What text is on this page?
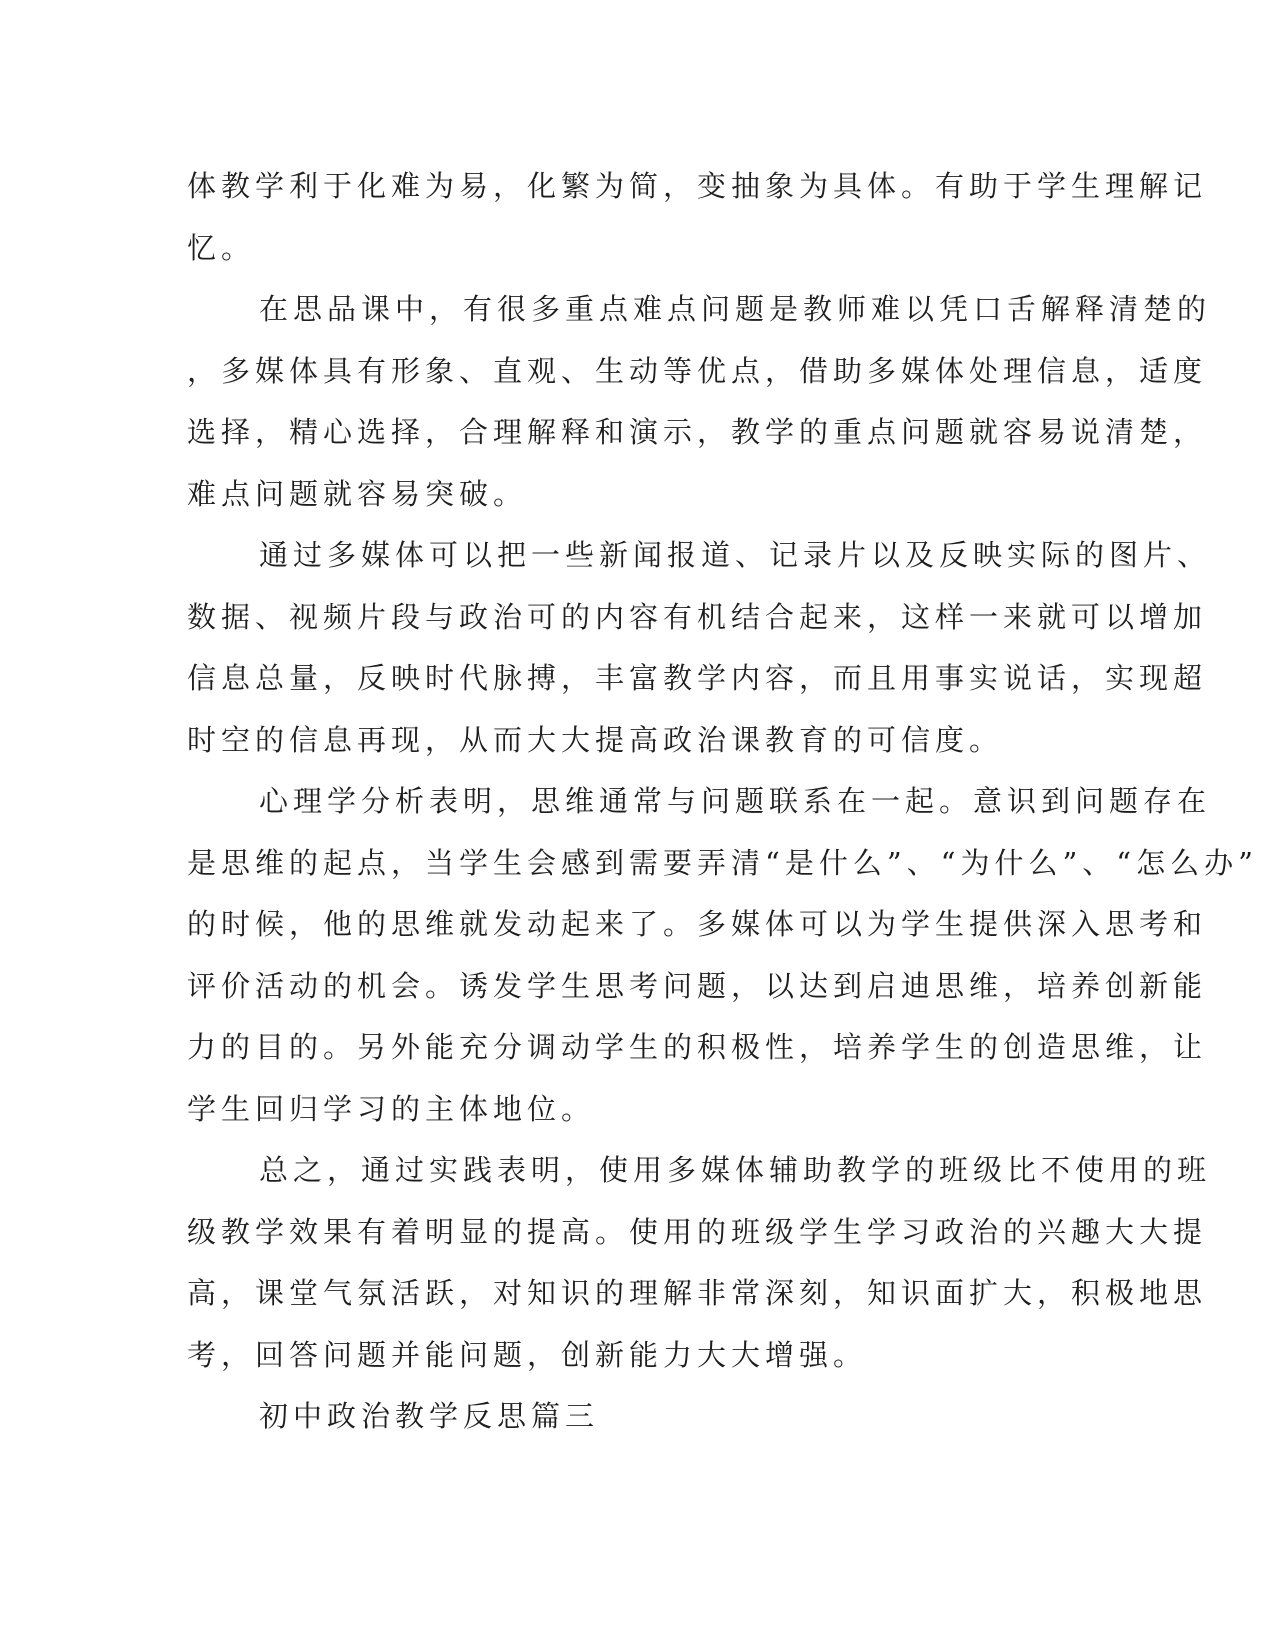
体教学利于化难为易，化繁为简，变抽象为具体。有助于学生理解记
忆。
在思品课中，有很多重点难点问题是教师难以凭口舌解释清楚的
，多媒体具有形象、直观、生动等优点，借助多媒体处理信息，适度
选择，精心选择，合理解释和演示，教学的重点问题就容易说清楚，
难点问题就容易突破。
通过多媒体可以把一些新闻报道、记录片以及反映实际的图片、
数据、视频片段与政治可的内容有机结合起来，这样一来就可以增加
信息总量，反映时代脉搏，丰富教学内容，而且用事实说话，实现超
时空的信息再现，从而大大提高政治课教育的可信度。
心理学分析表明，思维通常与问题联系在一起。意识到问题存在
是思维的起点，当学生会感到需要弄清“是什么”、“为什么”、“怎么办”
的时候，他的思维就发动起来了。多媒体可以为学生提供深入思考和
评价活动的机会。诱发学生思考问题，以达到启迪思维，培养创新能
力的目的。另外能充分调动学生的积极性，培养学生的创造思维，让
学生回归学习的主体地位。
总之，通过实践表明，使用多媒体辅助教学的班级比不使用的班
级教学效果有着明显的提高。使用的班级学生学习政治的兴趣大大提
高，课堂气氛活跃，对知识的理解非常深刻，知识面扩大，积极地思
考，回答问题并能问题，创新能力大大增强。
初中政治教学反思篇三
